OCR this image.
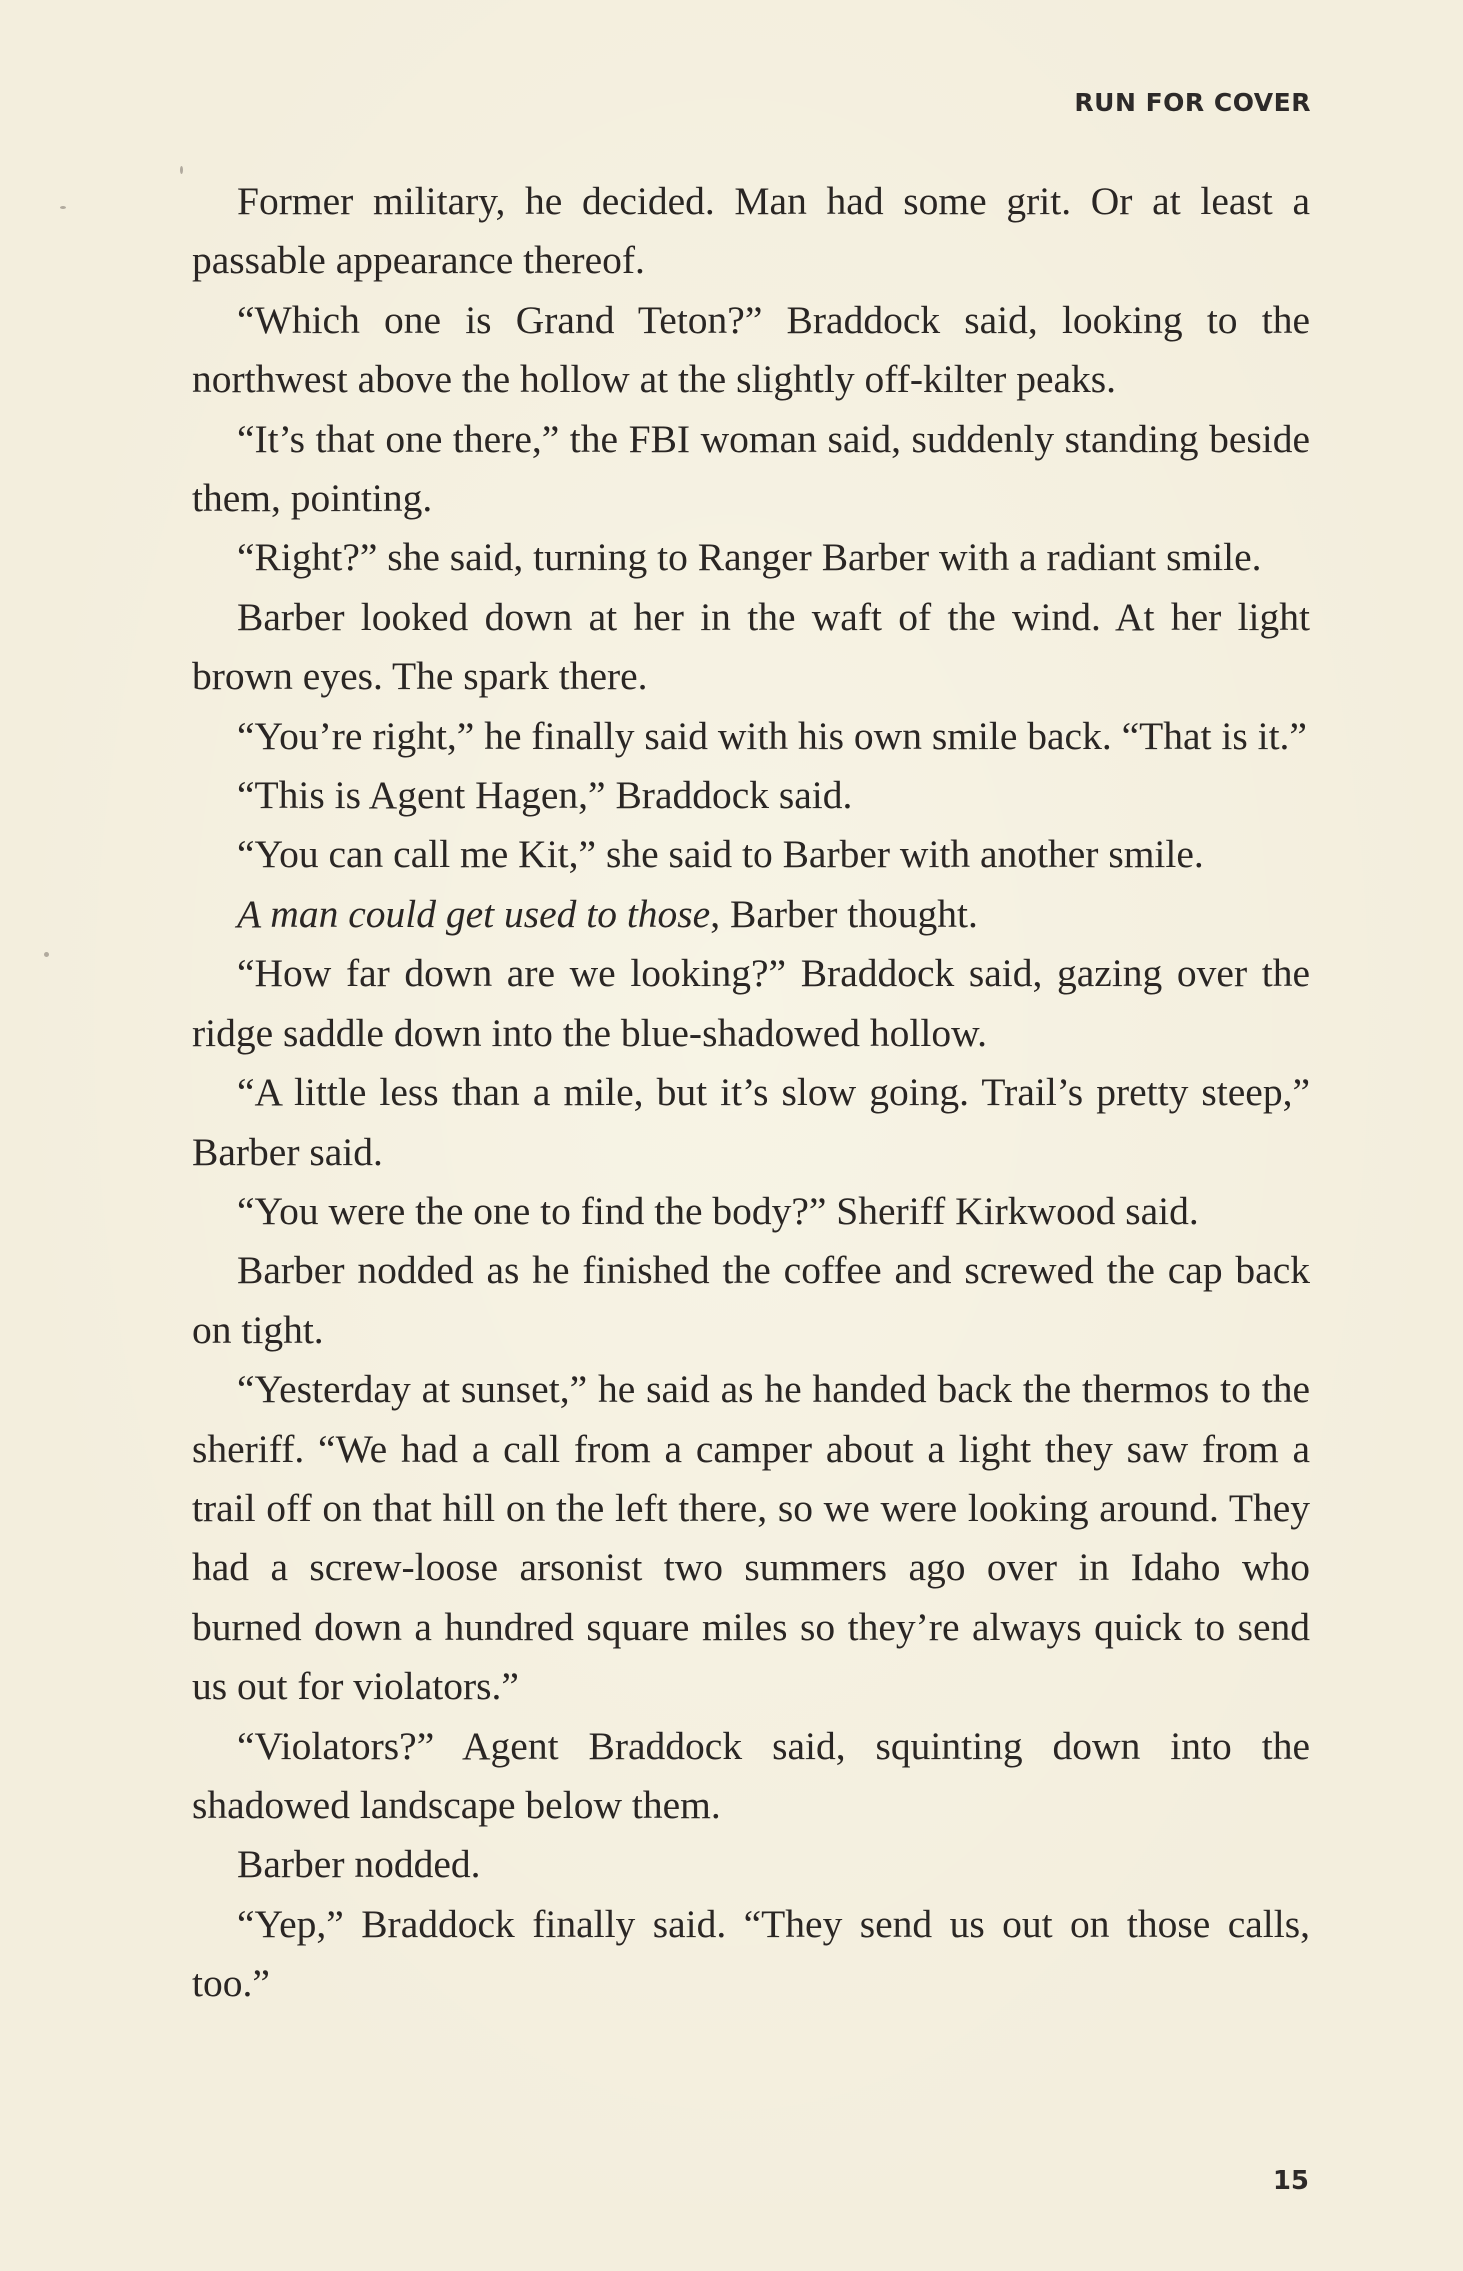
RUN FOR COVER

Former military, he decided. Man had some grit. Or at least a passable appearance thereof.

“Which one is Grand Teton?” Braddock said, looking to the northwest above the hollow at the slightly off-kilter peaks.

“It’s that one there,” the FBI woman said, suddenly standing beside them, pointing.

“Right?” she said, turning to Ranger Barber with a radiant smile.

Barber looked down at her in the waft of the wind. At her light brown eyes. The spark there.

“You’re right,” he finally said with his own smile back. “That is it.”

“This is Agent Hagen,” Braddock said.

“You can call me Kit,” she said to Barber with another smile.

A man could get used to those, Barber thought.

“How far down are we looking?” Braddock said, gazing over the ridge saddle down into the blue-shadowed hollow.

“A little less than a mile, but it’s slow going. Trail’s pretty steep,” Barber said.

“You were the one to find the body?” Sheriff Kirkwood said.

Barber nodded as he finished the coffee and screwed the cap back on tight.

“Yesterday at sunset,” he said as he handed back the thermos to the sheriff. “We had a call from a camper about a light they saw from a trail off on that hill on the left there, so we were looking around. They had a screw-loose arsonist two summers ago over in Idaho who burned down a hundred square miles so they’re always quick to send us out for violators.”

“Violators?” Agent Braddock said, squinting down into the shadowed landscape below them.

Barber nodded.

“Yep,” Braddock finally said. “They send us out on those calls, too.”

15
